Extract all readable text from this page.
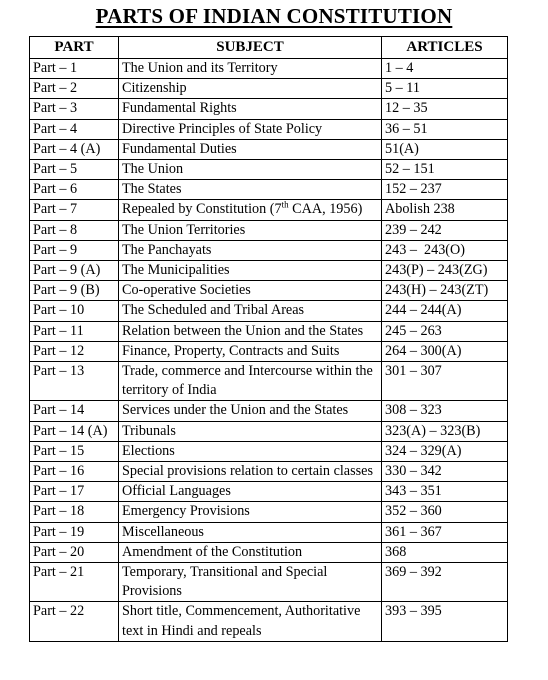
PARTS OF INDIAN CONSTITUTION
PART	SUBJECT	ARTICLES
Part – 1	The Union and its Territory	1 – 4
Part – 2	Citizenship	5 – 11
Part – 3	Fundamental Rights	12 – 35
Part – 4	Directive Principles of State Policy	36 – 51
Part – 4 (A)	Fundamental Duties	51(A)
Part – 5	The Union	52 – 151
Part – 6	The States	152 – 237
Part – 7	Repealed by Constitution (7th CAA, 1956)	Abolish 238
Part – 8	The Union Territories	239 – 242
Part – 9	The Panchayats	243 –  243(O)
Part – 9 (A)	The Municipalities	243(P) – 243(ZG)
Part – 9 (B)	Co-operative Societies	243(H) – 243(ZT)
Part – 10	The Scheduled and Tribal Areas	244 – 244(A)
Part – 11	Relation between the Union and the States	245 – 263
Part – 12	Finance, Property, Contracts and Suits	264 – 300(A)
Part – 13	Trade, commerce and Intercourse within the territory of India	301 – 307
Part – 14	Services under the Union and the States	308 – 323
Part – 14 (A)	Tribunals	323(A) – 323(B)
Part – 15	Elections	324 – 329(A)
Part – 16	Special provisions relation to certain classes	330 – 342
Part – 17	Official Languages	343 – 351
Part – 18	Emergency Provisions	352 – 360
Part – 19	Miscellaneous	361 – 367
Part – 20	Amendment of the Constitution	368
Part – 21	Temporary, Transitional and Special Provisions	369 – 392
Part – 22	Short title, Commencement, Authoritative text in Hindi and repeals	393 – 395
